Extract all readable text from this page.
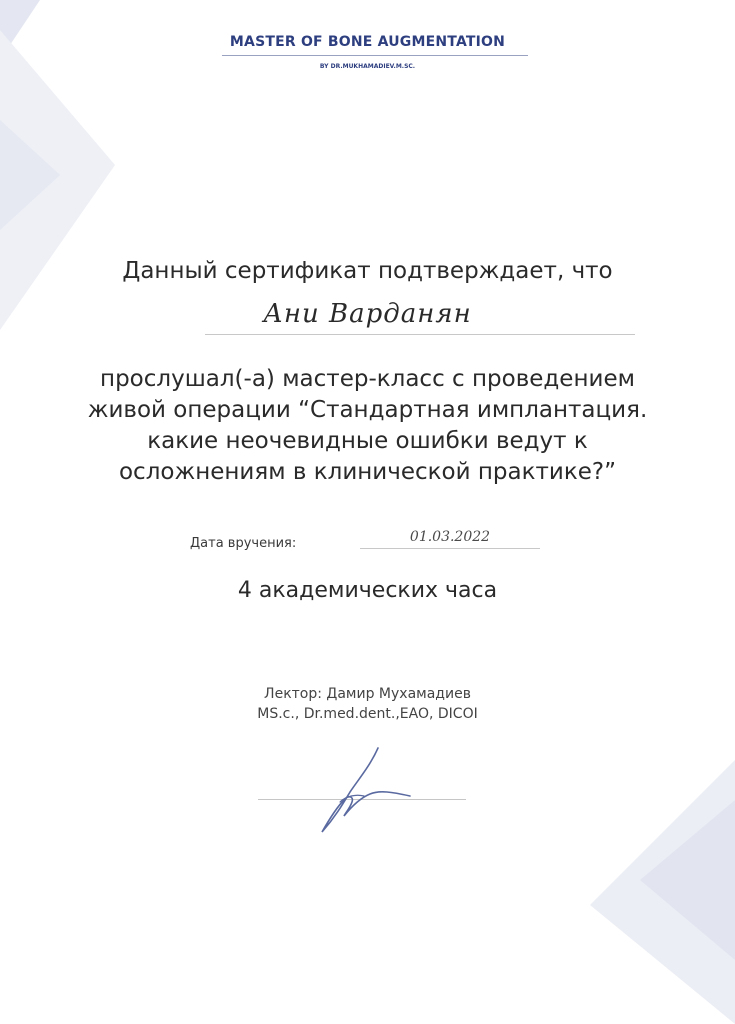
MASTER OF BONE AUGMENTATION
BY DR.MUKHAMADIEV.M.SC.
Данный сертификат подтверждает, что
Ани Варданян
прослушал(-а) мастер-класс с проведением
живой операции “Стандартная имплантация.
какие неочевидные ошибки ведут к
осложнениям в клинической практике?”
Дата вручения:	01.03.2022
4 академических часа
Лектор: Дамир Мухамадиев
MS.c., Dr.med.dent.,EAO, DICOI
